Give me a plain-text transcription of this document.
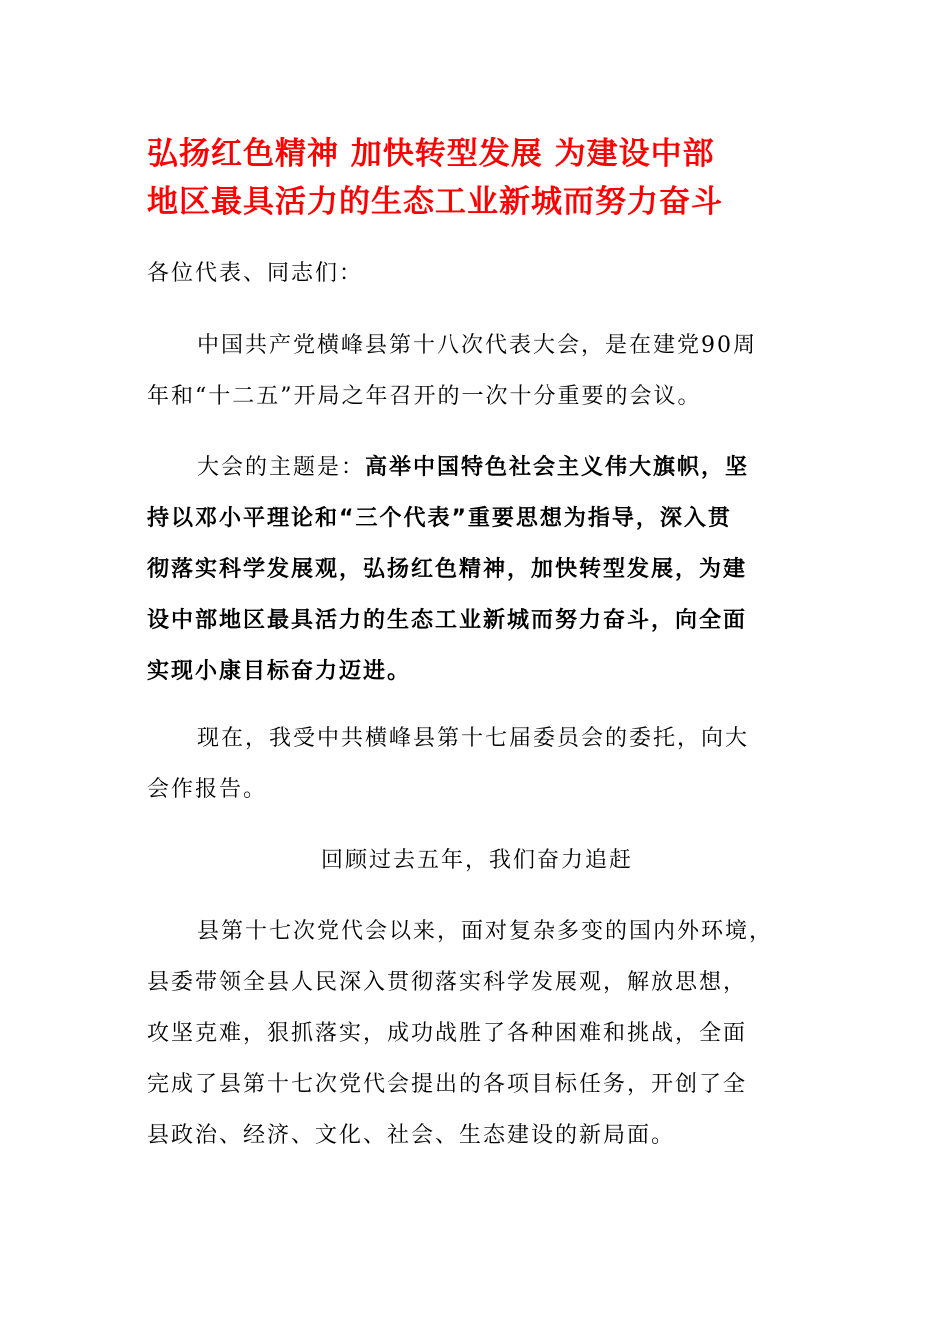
弘扬红色精神 加快转型发展 为建设中部
地区最具活力的生态工业新城而努力奋斗

各位代表、同志们：

中国共产党横峰县第十八次代表大会，是在建党90周
年和“十二五”开局之年召开的一次十分重要的会议。

大会的主题是：高举中国特色社会主义伟大旗帜，坚
持以邓小平理论和“三个代表”重要思想为指导，深入贯
彻落实科学发展观，弘扬红色精神，加快转型发展，为建
设中部地区最具活力的生态工业新城而努力奋斗，向全面
实现小康目标奋力迈进。

现在，我受中共横峰县第十七届委员会的委托，向大
会作报告。

回顾过去五年，我们奋力追赶

县第十七次党代会以来，面对复杂多变的国内外环境，
县委带领全县人民深入贯彻落实科学发展观，解放思想，
攻坚克难，狠抓落实，成功战胜了各种困难和挑战，全面
完成了县第十七次党代会提出的各项目标任务，开创了全
县政治、经济、文化、社会、生态建设的新局面。
